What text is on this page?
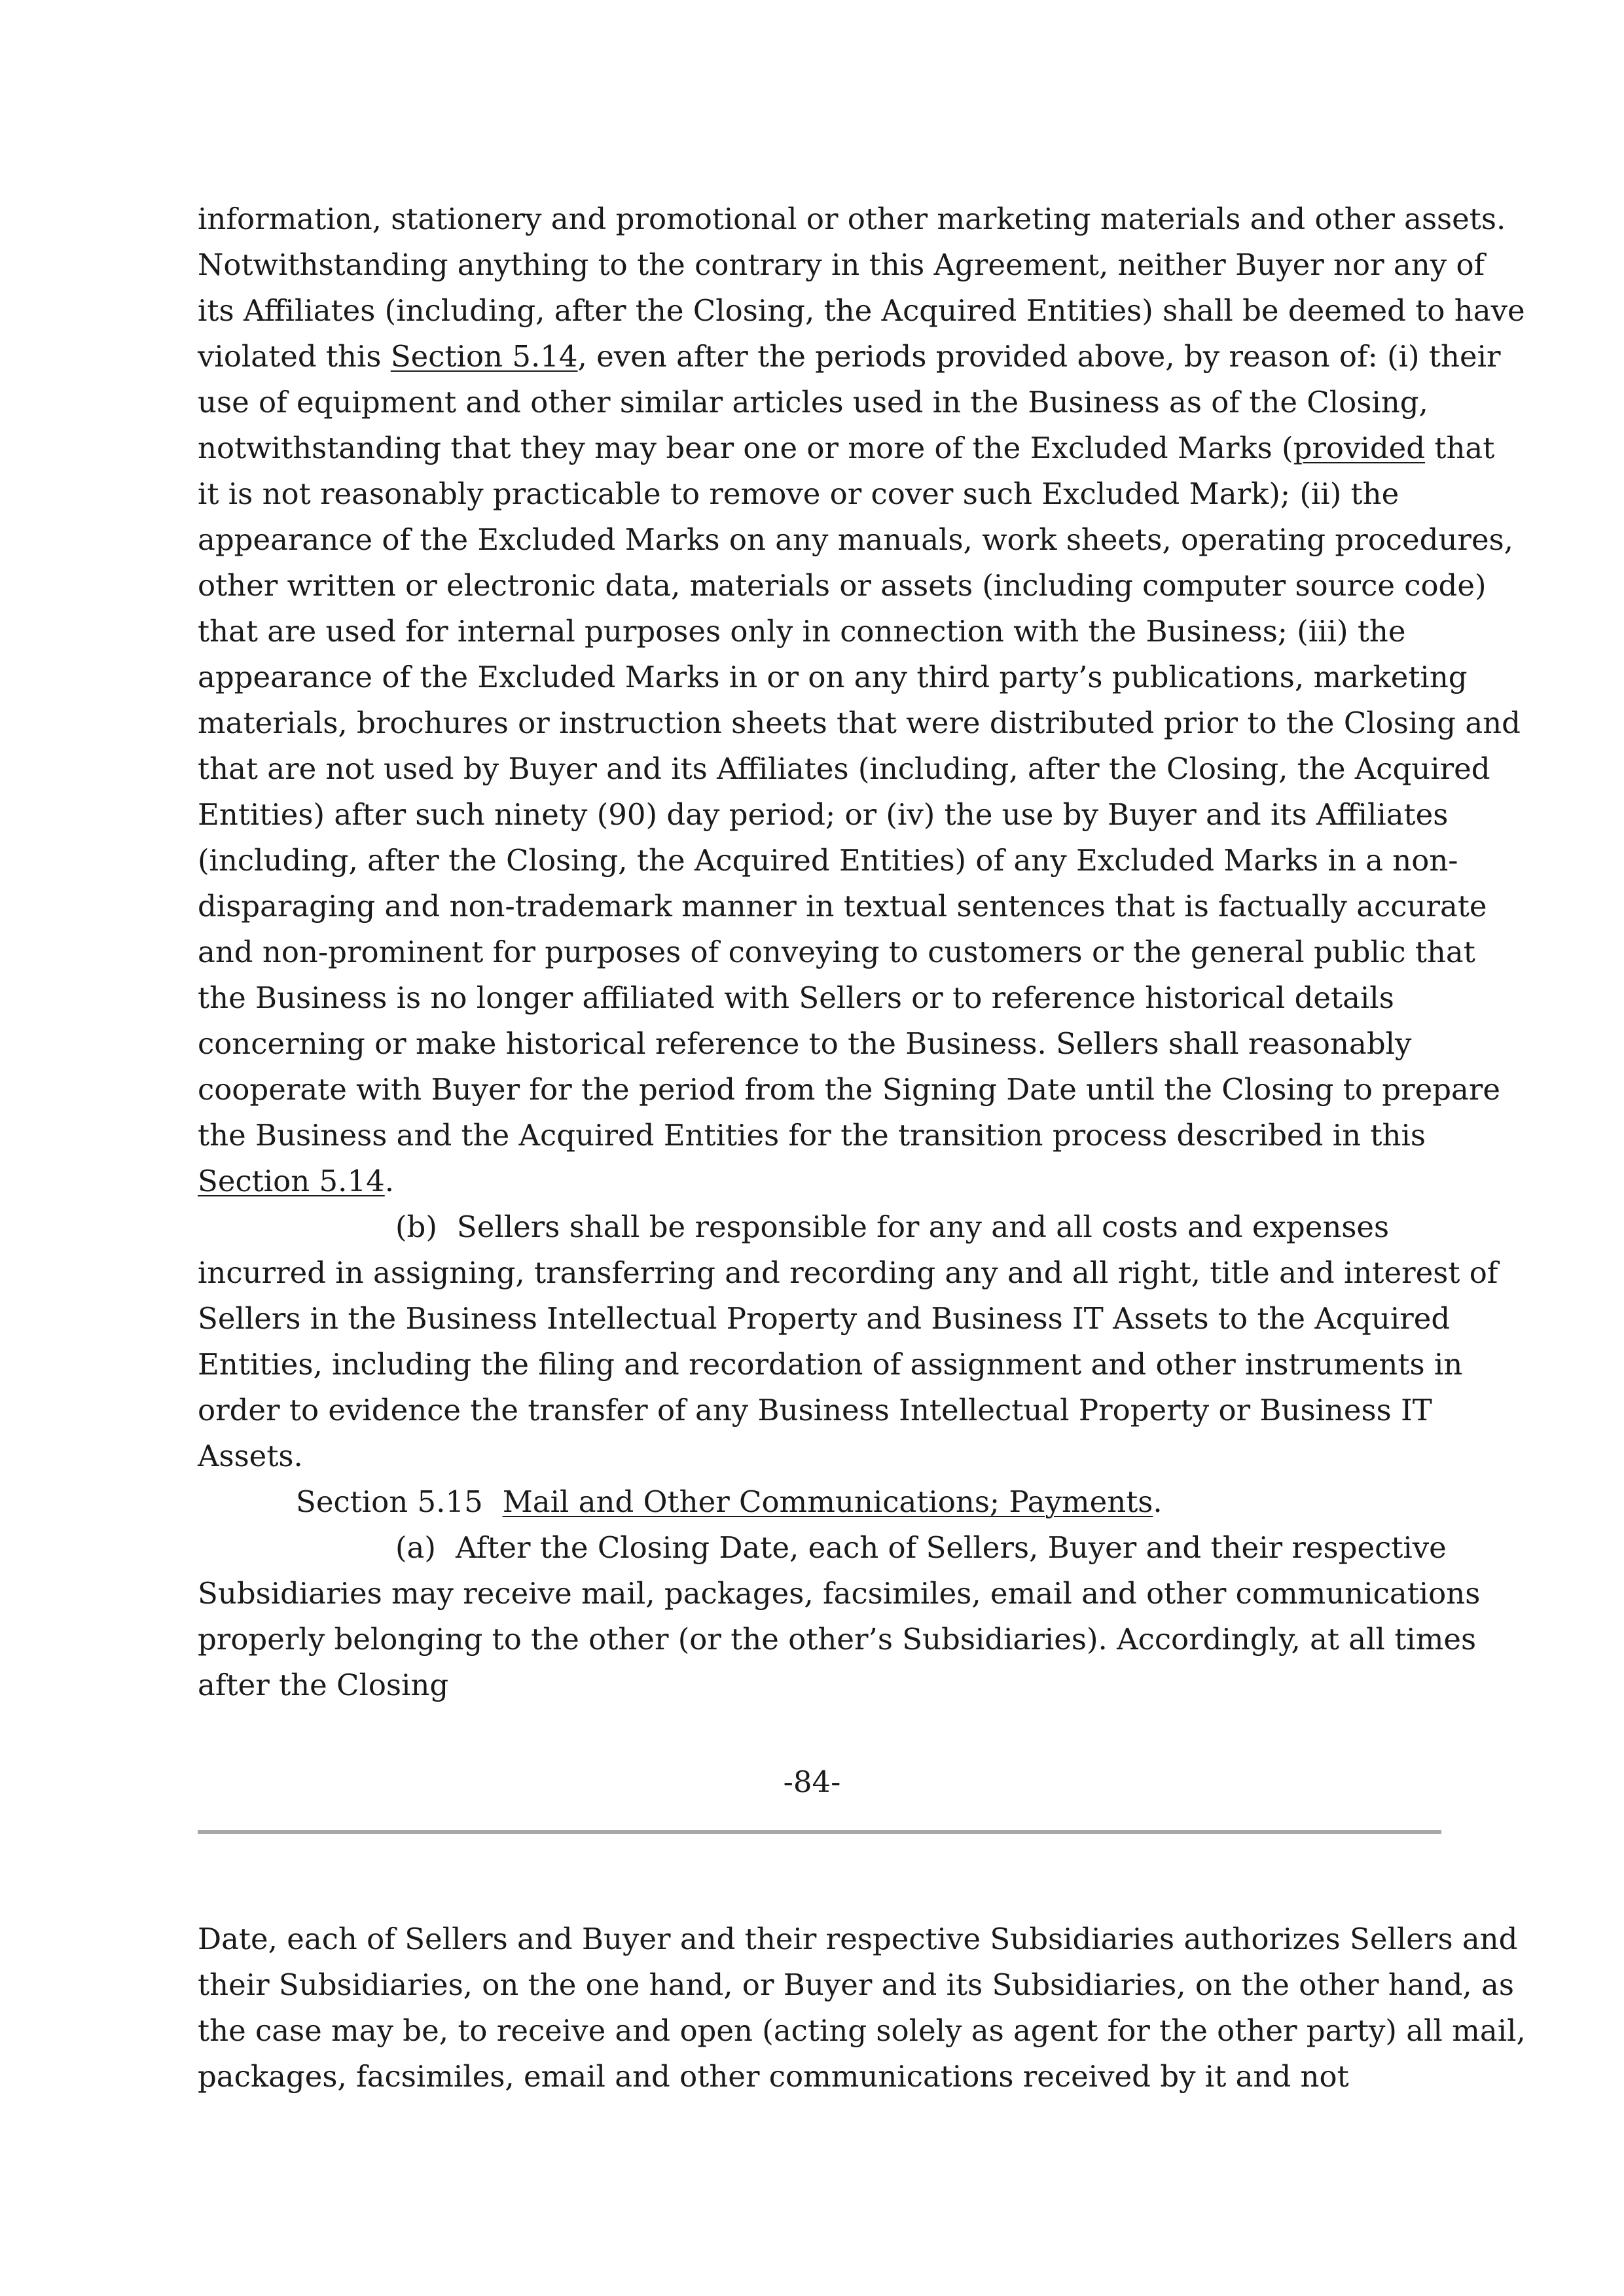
information, stationery and promotional or other marketing materials and other assets.
Notwithstanding anything to the contrary in this Agreement, neither Buyer nor any of
its Affiliates (including, after the Closing, the Acquired Entities) shall be deemed to have
violated this Section 5.14, even after the periods provided above, by reason of: (i) their
use of equipment and other similar articles used in the Business as of the Closing,
notwithstanding that they may bear one or more of the Excluded Marks (provided that
it is not reasonably practicable to remove or cover such Excluded Mark); (ii) the
appearance of the Excluded Marks on any manuals, work sheets, operating procedures,
other written or electronic data, materials or assets (including computer source code)
that are used for internal purposes only in connection with the Business; (iii) the
appearance of the Excluded Marks in or on any third party’s publications, marketing
materials, brochures or instruction sheets that were distributed prior to the Closing and
that are not used by Buyer and its Affiliates (including, after the Closing, the Acquired
Entities) after such ninety (90) day period; or (iv) the use by Buyer and its Affiliates
(including, after the Closing, the Acquired Entities) of any Excluded Marks in a non-
disparaging and non-trademark manner in textual sentences that is factually accurate
and non-prominent for purposes of conveying to customers or the general public that
the Business is no longer affiliated with Sellers or to reference historical details
concerning or make historical reference to the Business. Sellers shall reasonably
cooperate with Buyer for the period from the Signing Date until the Closing to prepare
the Business and the Acquired Entities for the transition process described in this
Section 5.14.
(b) Sellers shall be responsible for any and all costs and expenses
incurred in assigning, transferring and recording any and all right, title and interest of
Sellers in the Business Intellectual Property and Business IT Assets to the Acquired
Entities, including the filing and recordation of assignment and other instruments in
order to evidence the transfer of any Business Intellectual Property or Business IT
Assets.
Section 5.15 Mail and Other Communications; Payments.
(a) After the Closing Date, each of Sellers, Buyer and their respective
Subsidiaries may receive mail, packages, facsimiles, email and other communications
properly belonging to the other (or the other’s Subsidiaries). Accordingly, at all times
after the Closing
-84-
Date, each of Sellers and Buyer and their respective Subsidiaries authorizes Sellers and
their Subsidiaries, on the one hand, or Buyer and its Subsidiaries, on the other hand, as
the case may be, to receive and open (acting solely as agent for the other party) all mail,
packages, facsimiles, email and other communications received by it and not
